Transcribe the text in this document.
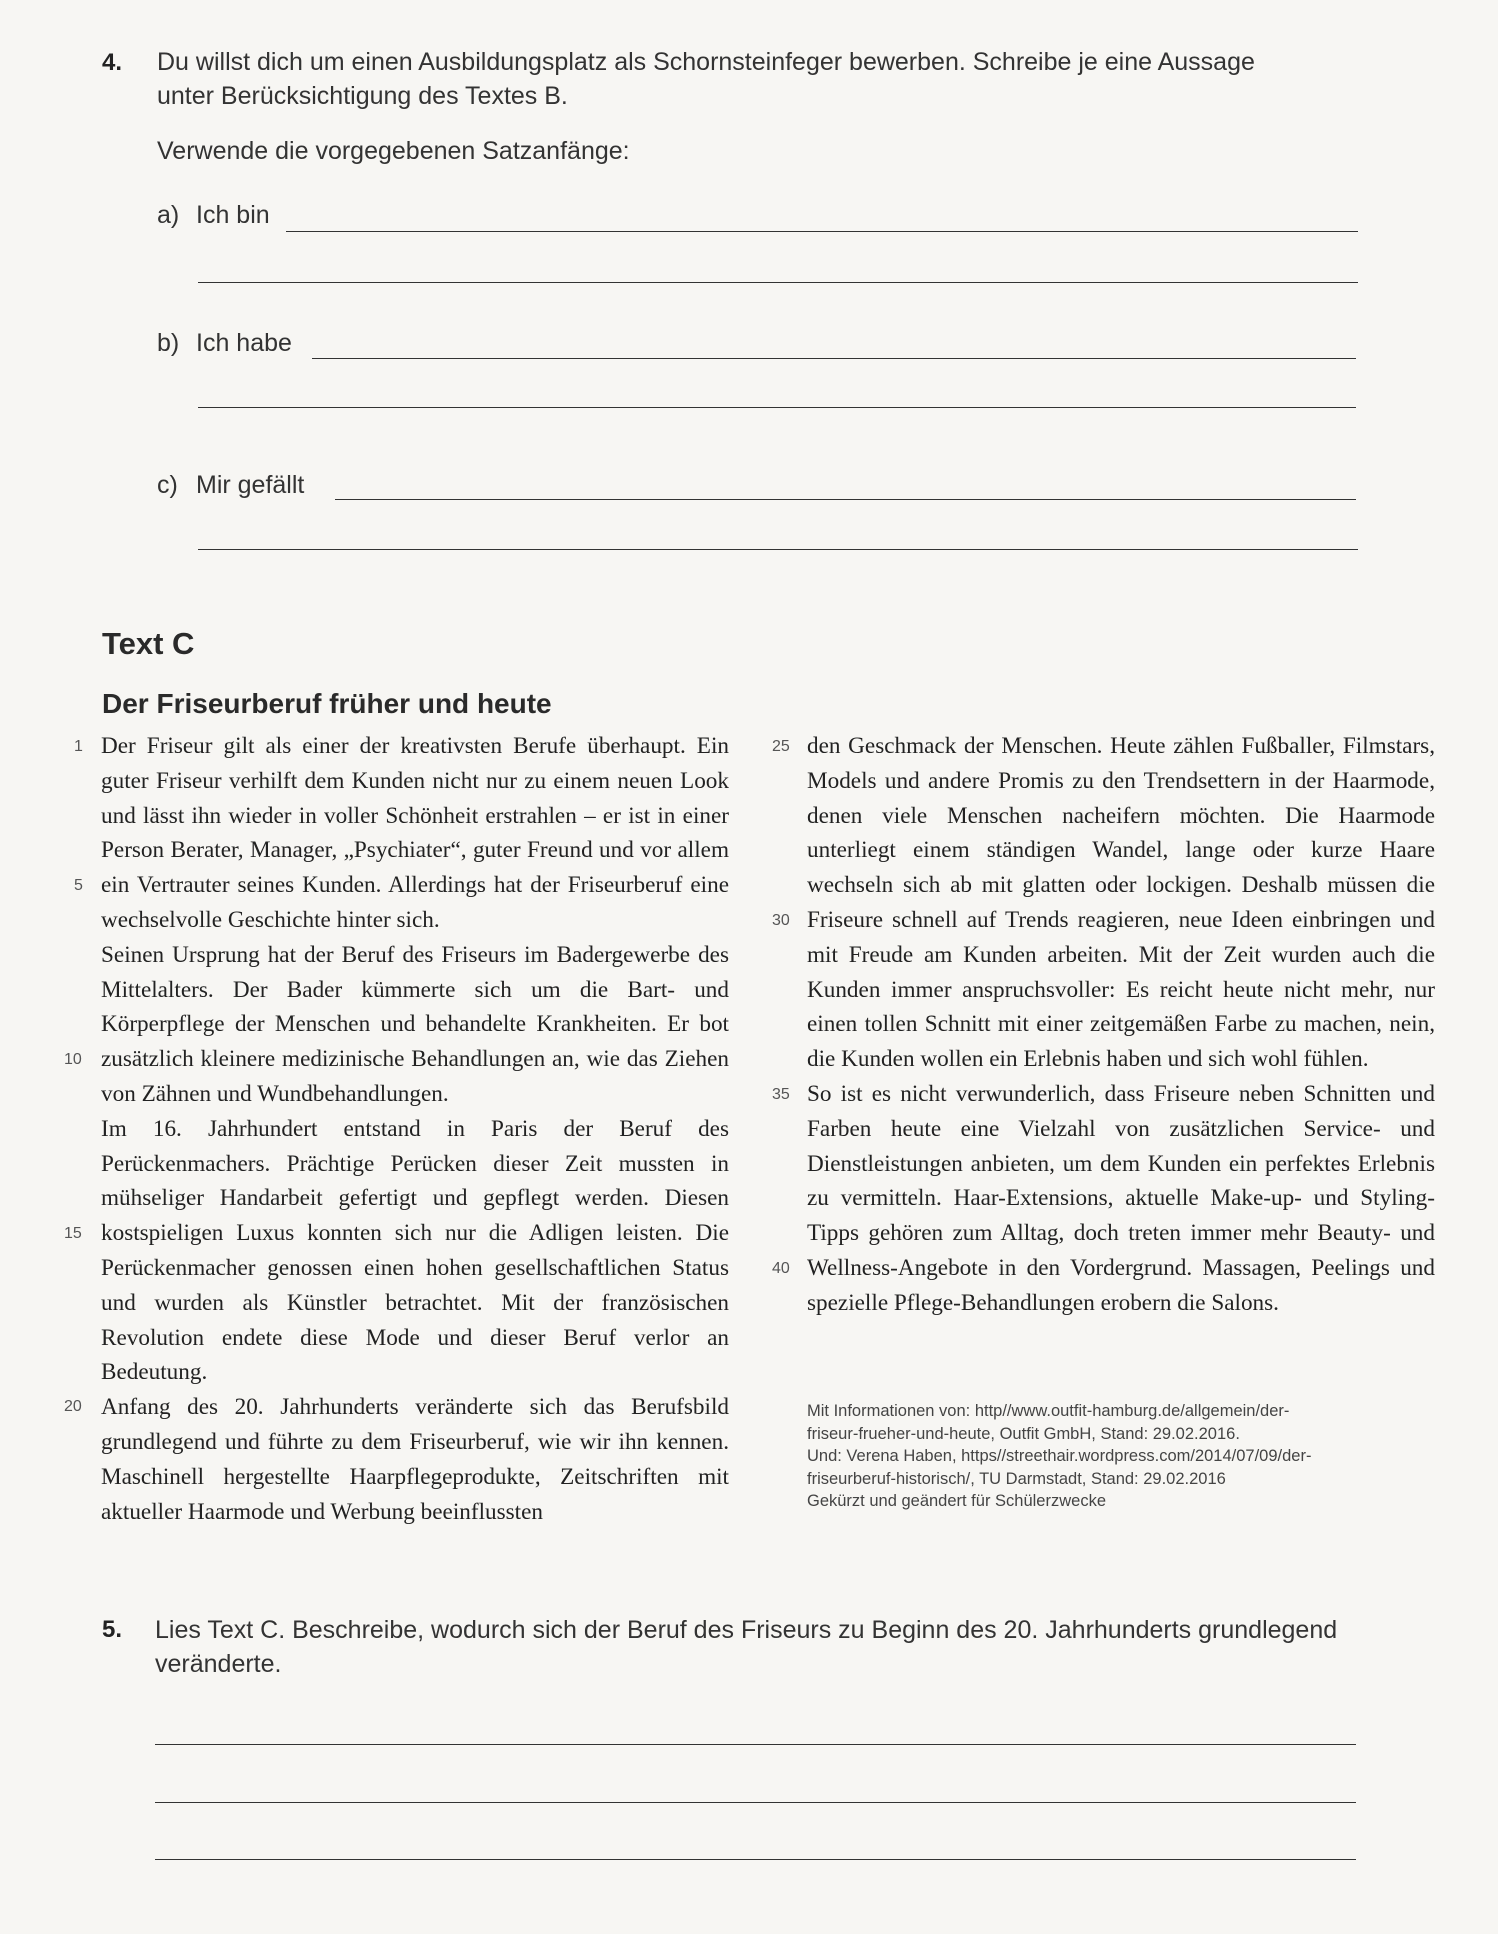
4. Du willst dich um einen Ausbildungsplatz als Schornsteinfeger bewerben. Schreibe je eine Aussage unter Berücksichtigung des Textes B.
Verwende die vorgegebenen Satzanfänge:
a) Ich bin
b) Ich habe
c) Mir gefällt
Text C
Der Friseurberuf früher und heute
1
5
10
15
20
25
30
35
40

Der Friseur gilt als einer der kreativsten Berufe überhaupt. Ein guter Friseur verhilft dem Kunden nicht nur zu einem neuen Look und lässt ihn wieder in voller Schönheit erstrahlen – er ist in einer Person Berater, Manager, „Psychiater“, guter Freund und vor allem ein Vertrauter seines Kunden. Allerdings hat der Friseurberuf eine wechselvolle Geschichte hinter sich.

Seinen Ursprung hat der Beruf des Friseurs im Badergewerbe des Mittelalters. Der Bader kümmerte sich um die Bart- und Körperpflege der Menschen und behandelte Krankheiten. Er bot zusätzlich kleinere medizinische Behandlungen an, wie das Ziehen von Zähnen und Wundbehandlungen.

Im 16. Jahrhundert entstand in Paris der Beruf des Perückenmachers. Prächtige Perücken dieser Zeit mussten in mühseliger Handarbeit gefertigt und gepflegt werden. Diesen kostspieligen Luxus konnten sich nur die Adligen leisten. Die Perückenmacher genossen einen hohen gesellschaftlichen Status und wurden als Künstler betrachtet. Mit der französischen Revolution endete diese Mode und dieser Beruf verlor an Bedeutung.

Anfang des 20. Jahrhunderts veränderte sich das Berufsbild grundlegend und führte zu dem Friseurberuf, wie wir ihn kennen. Maschinell hergestellte Haarpflegeprodukte, Zeitschriften mit aktueller Haarmode und Werbung beeinflussten

den Geschmack der Menschen. Heute zählen Fußballer, Filmstars, Models und andere Promis zu den Trendsettern in der Haarmode, denen viele Menschen nacheifern möchten. Die Haarmode unterliegt einem ständigen Wandel, lange oder kurze Haare wechseln sich ab mit glatten oder lockigen. Deshalb müssen die Friseure schnell auf Trends reagieren, neue Ideen einbringen und mit Freude am Kunden arbeiten. Mit der Zeit wurden auch die Kunden immer anspruchsvoller: Es reicht heute nicht mehr, nur einen tollen Schnitt mit einer zeitgemäßen Farbe zu machen, nein, die Kunden wollen ein Erlebnis haben und sich wohl fühlen.

So ist es nicht verwunderlich, dass Friseure neben Schnitten und Farben heute eine Vielzahl von zusätzlichen Service- und Dienstleistungen anbieten, um dem Kunden ein perfektes Erlebnis zu vermitteln. Haar-Extensions, aktuelle Make-up- und Styling-Tipps gehören zum Alltag, doch treten immer mehr Beauty- und Wellness-Angebote in den Vordergrund. Massagen, Peelings und spezielle Pflege-Behandlungen erobern die Salons.

Mit Informationen von: http//www.outfit-hamburg.de/allgemein/der-
friseur-frueher-und-heute, Outfit GmbH, Stand: 29.02.2016.
Und: Verena Haben, https//streethair.wordpress.com/2014/07/09/der-
friseurberuf-historisch/, TU Darmstadt, Stand: 29.02.2016
Gekürzt und geändert für Schülerzwecke
5. Lies Text C. Beschreibe, wodurch sich der Beruf des Friseurs zu Beginn des 20. Jahrhunderts grundlegend veränderte.
